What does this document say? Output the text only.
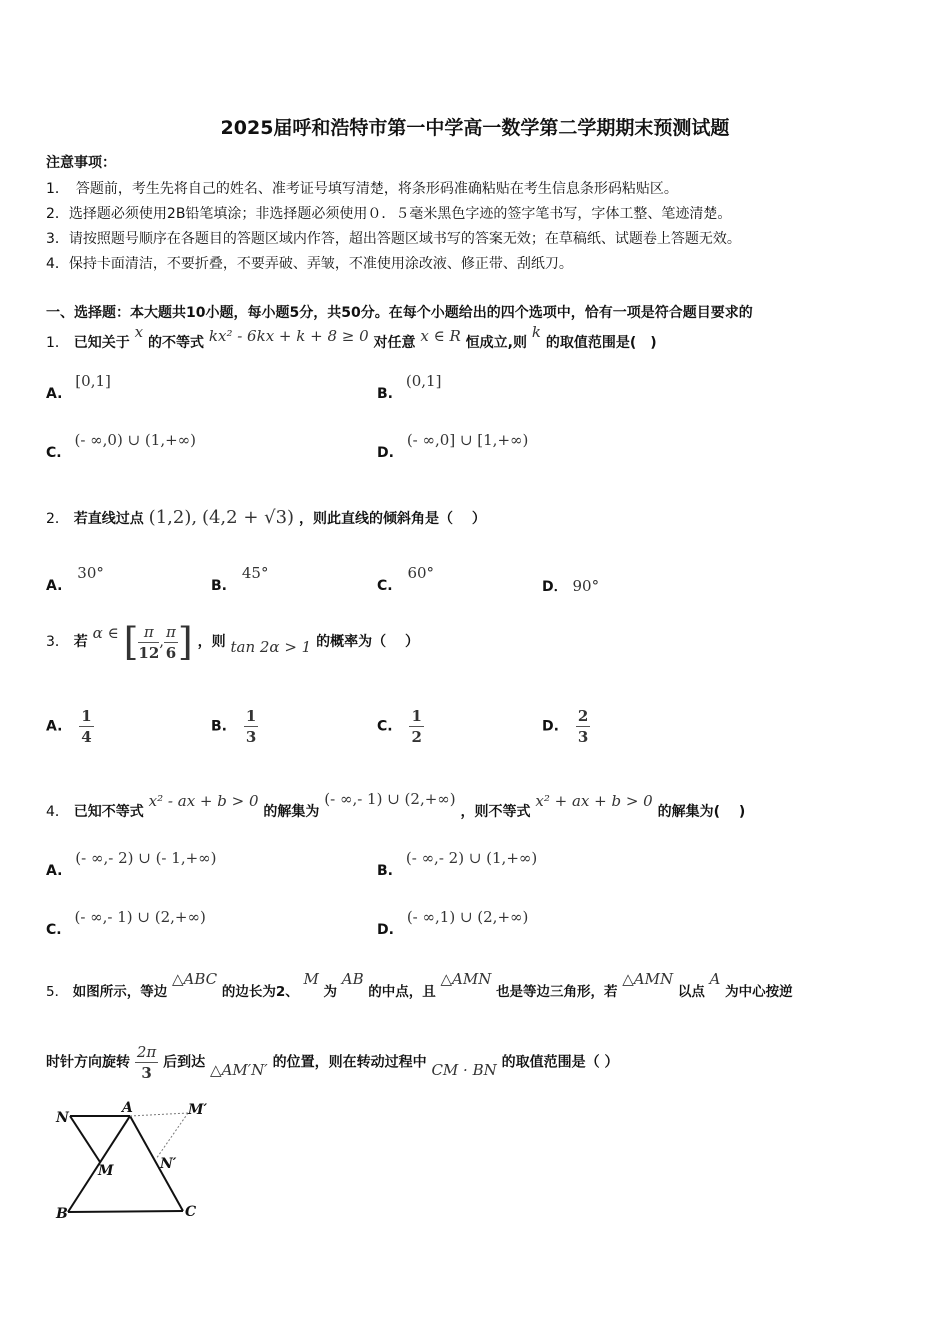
2025届呼和浩特市第一中学高一数学第二学期期末预测试题
注意事项：
1．　答题前，考生先将自己的姓名、准考证号填写清楚，将条形码准确粘贴在考生信息条形码粘贴区。
2．选择题必须使用2B铅笔填涂；非选择题必须使用０．５毫米黑色字迹的签字笔书写，字体工整、笔迹清楚。
3．请按照题号顺序在各题目的答题区域内作答，超出答题区域书写的答案无效；在草稿纸、试题卷上答题无效。
4．保持卡面清洁，不要折叠，不要弄破、弄皱，不准使用涂改液、修正带、刮纸刀。
一、选择题：本大题共10小题，每小题5分，共50分。在每个小题给出的四个选项中，恰有一项是符合题目要求的
1． 已知关于 x 的不等式 kx² - 6kx + k + 8 ≥ 0 对任意 x ∈ R 恒成立,则 k 的取值范围是(　)
A. [0,1]
B. (0,1]
C. (- ∞,0) ∪ (1,+∞)
D. (- ∞,0] ∪ [1,+∞)
2． 若直线过点 (1,2), (4,2 + √3) ，则此直线的倾斜角是（　 ）
A. 30°
B. 45°
C. 60°
D． 90°
3． 若 α ∈ [ $\frac{\pi}{12}$ , $\frac{\pi}{6}$ ] ，则 tan 2α > 1 的概率为（　 ）
A. $\frac{1}{4}$	B. $\frac{1}{3}$	C. $\frac{1}{2}$	D. $\frac{2}{3}$
4． 已知不等式 x² - ax + b > 0 的解集为 (- ∞,- 1) ∪ (2,+∞) ，则不等式 x² + ax + b > 0 的解集为(　 )
A. (- ∞,- 2) ∪ (- 1,+∞)
B. (- ∞,- 2) ∪ (1,+∞)
C. (- ∞,- 1) ∪ (2,+∞)
D. (- ∞,1) ∪ (2,+∞)
5． 如图所示，等边 △ABC 的边长为2、 M 为 AB 的中点，且 △AMN 也是等边三角形，若 △AMN 以点 A 为中心按逆
时针方向旋转 $\frac{2\pi}{3}$ 后到达 △AM′N′ 的位置，则在转动过程中 CM · BN 的取值范围是（ ）
N
A	M′
M	N′
B	C
